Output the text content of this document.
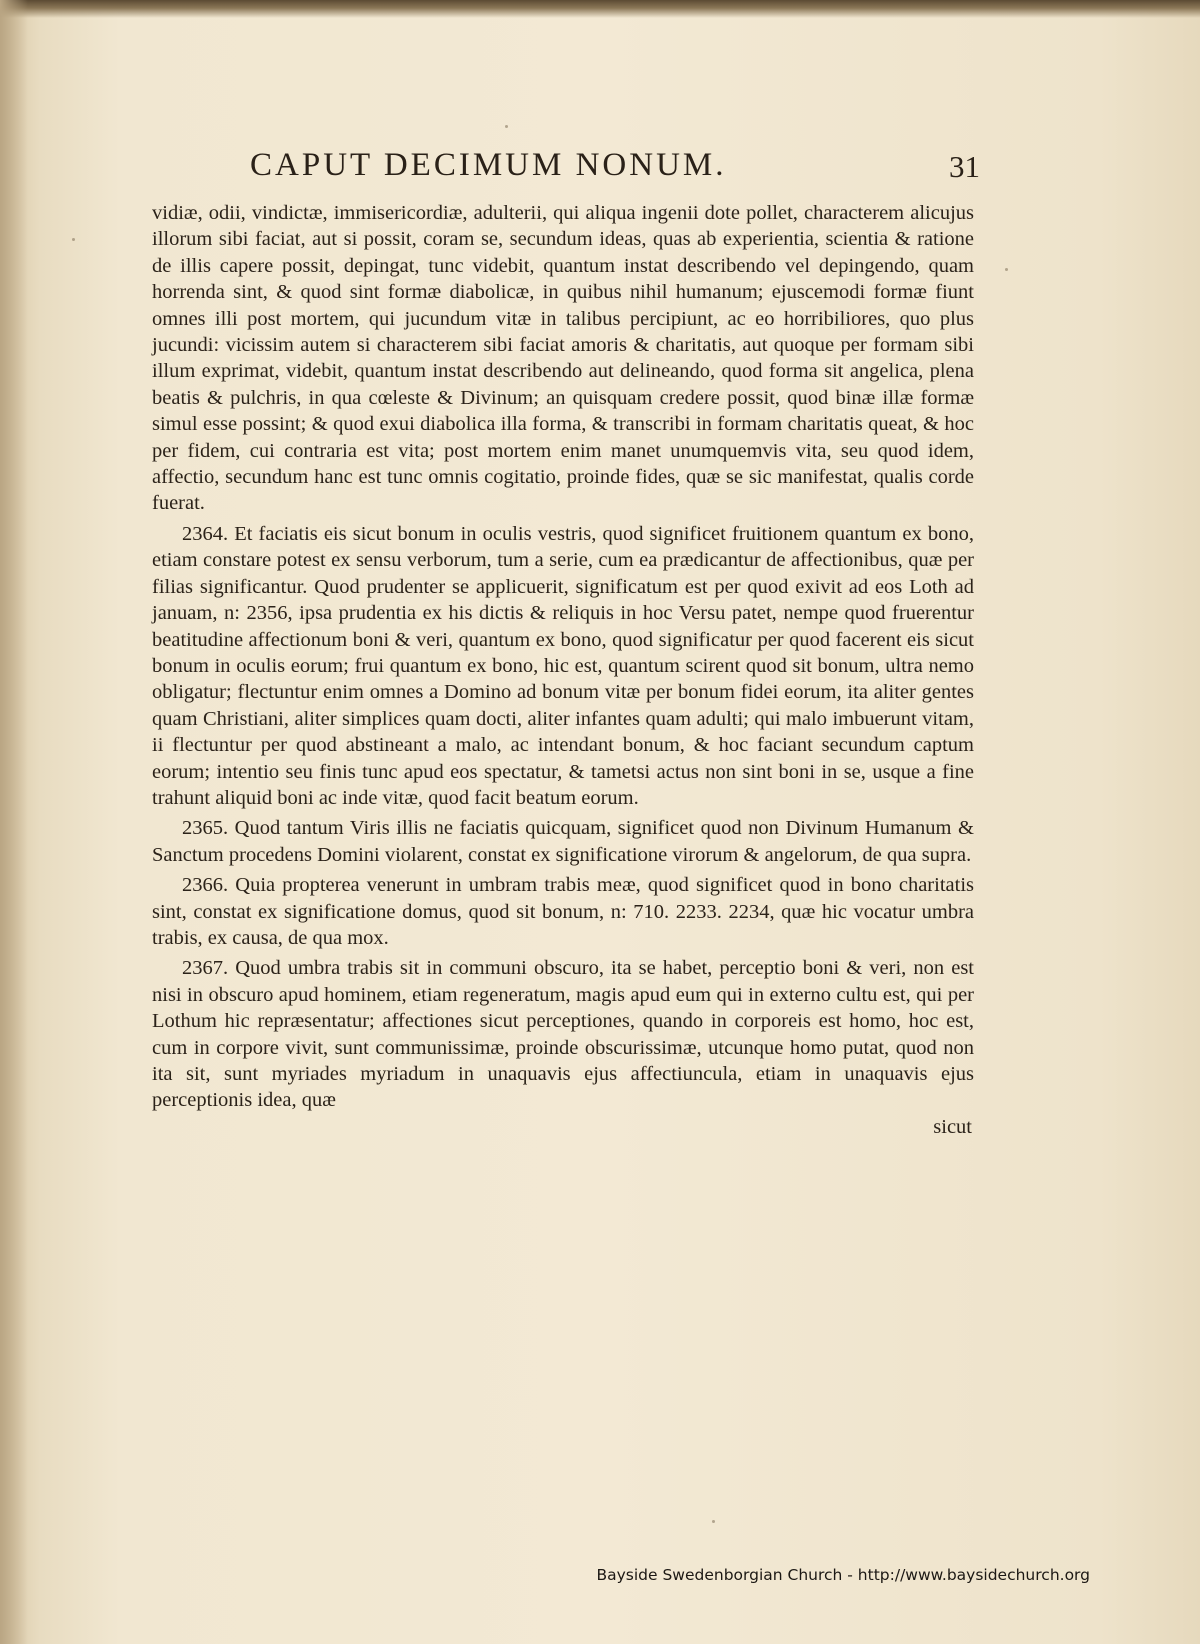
CAPUT DECIMUM NONUM.	31

vidiæ, odii, vindictæ, immisericordiæ, adulterii, qui aliqua ingenii dote pollet, characterem alicujus illorum sibi faciat, aut si possit, coram se, secundum ideas, quas ab experientia, scientia & ratione de illis capere possit, depingat, tunc videbit, quantum instat describendo vel depingendo, quam horrenda sint, & quod sint formæ diabolicæ, in quibus nihil humanum; ejuscemodi formæ fiunt omnes illi post mortem, qui jucundum vitæ in talibus percipiunt, ac eo horribiliores, quo plus jucundi: vicissim autem si characterem sibi faciat amoris & charitatis, aut quoque per formam sibi illum exprimat, videbit, quantum instat describendo aut delineando, quod forma sit angelica, plena beatis & pulchris, in qua cœleste & Divinum; an quisquam credere possit, quod binæ illæ formæ simul esse possint; & quod exui diabolica illa forma, & transcribi in formam charitatis queat, & hoc per fidem, cui contraria est vita; post mortem enim manet unumquemvis vita, seu quod idem, affectio, secundum hanc est tunc omnis cogitatio, proinde fides, quæ se sic manifestat, qualis corde fuerat.

2364. Et faciatis eis sicut bonum in oculis vestris, quod significet fruitionem quantum ex bono, etiam constare potest ex sensu verborum, tum a serie, cum ea prædicantur de affectionibus, quæ per filias significantur. Quod prudenter se applicuerit, significatum est per quod exivit ad eos Loth ad januam, n: 2356, ipsa prudentia ex his dictis & reliquis in hoc Versu patet, nempe quod fruerentur beatitudine affectionum boni & veri, quantum ex bono, quod significatur per quod facerent eis sicut bonum in oculis eorum; frui quantum ex bono, hic est, quantum scirent quod sit bonum, ultra nemo obligatur; flectuntur enim omnes a Domino ad bonum vitæ per bonum fidei eorum, ita aliter gentes quam Christiani, aliter simplices quam docti, aliter infantes quam adulti; qui malo imbuerunt vitam, ii flectuntur per quod abstineant a malo, ac intendant bonum, & hoc faciant secundum captum eorum; intentio seu finis tunc apud eos spectatur, & tametsi actus non sint boni in se, usque a fine trahunt aliquid boni ac inde vitæ, quod facit beatum eorum.

2365. Quod tantum Viris illis ne faciatis quicquam, significet quod non Divinum Humanum & Sanctum procedens Domini violarent, constat ex significatione virorum & angelorum, de qua supra.

2366. Quia propterea venerunt in umbram trabis meæ, quod significet quod in bono charitatis sint, constat ex significatione domus, quod sit bonum, n: 710. 2233. 2234, quæ hic vocatur umbra trabis, ex causa, de qua mox.

2367. Quod umbra trabis sit in communi obscuro, ita se habet, perceptio boni & veri, non est nisi in obscuro apud hominem, etiam regeneratum, magis apud eum qui in externo cultu est, qui per Lothum hic repræsentatur; affectiones sicut perceptiones, quando in corporeis est homo, hoc est, cum in corpore vivit, sunt communissimæ, proinde obscurissimæ, utcunque homo putat, quod non ita sit, sunt myriades myriadum in unaquavis ejus affectiuncula, etiam in unaquavis ejus perceptionis idea, quæ

sicut
Bayside Swedenborgian Church - http://www.baysidechurch.org
